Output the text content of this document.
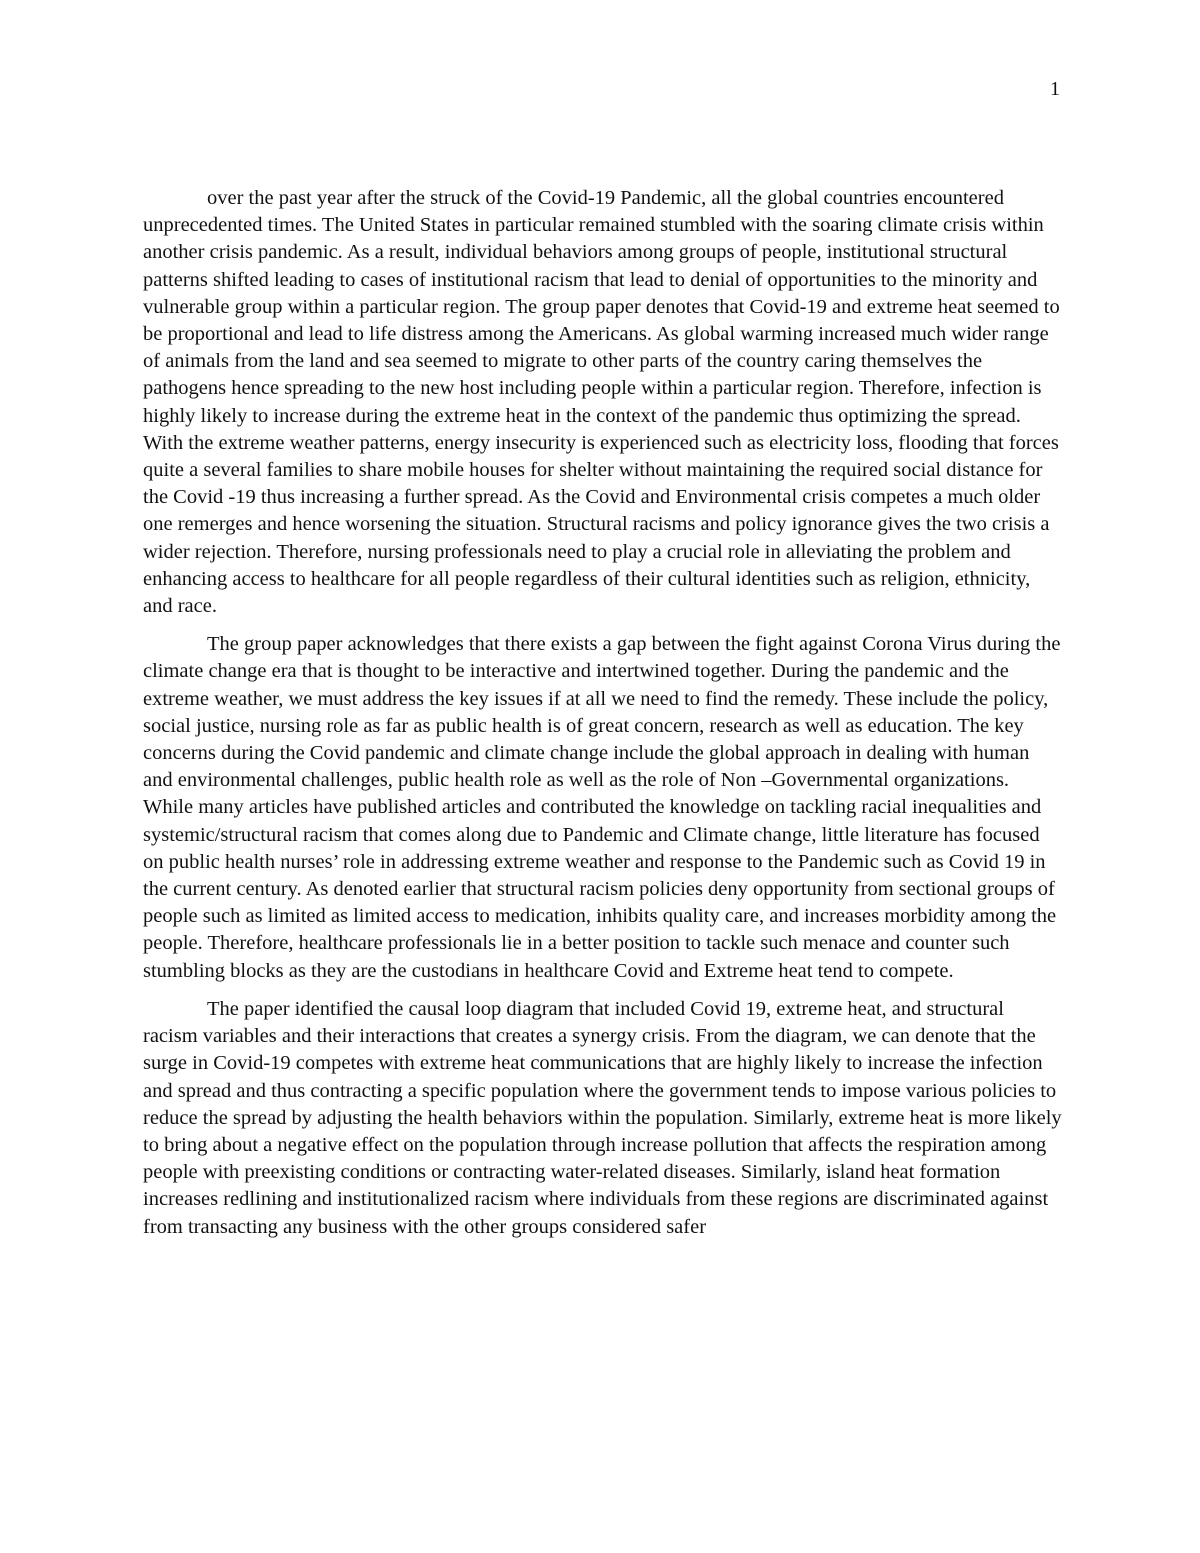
1

over the past year after the struck of the Covid-19 Pandemic, all the global countries encountered unprecedented times. The United States in particular remained stumbled with the soaring climate crisis within another crisis pandemic. As a result, individual behaviors among groups of people, institutional structural patterns shifted leading to cases of institutional racism that lead to denial of opportunities to the minority and vulnerable group within a particular region. The group paper denotes that Covid-19 and extreme heat seemed to be proportional and lead to life distress among the Americans. As global warming increased much wider range of animals from the land and sea seemed to migrate to other parts of the country caring themselves the pathogens hence spreading to the new host including people within a particular region. Therefore, infection is highly likely to increase during the extreme heat in the context of the pandemic thus optimizing the spread. With the extreme weather patterns, energy insecurity is experienced such as electricity loss, flooding that forces quite a several families to share mobile houses for shelter without maintaining the required social distance for the Covid -19 thus increasing a further spread. As the Covid and Environmental crisis competes a much older one remerges and hence worsening the situation. Structural racisms and policy ignorance gives the two crisis a wider rejection. Therefore, nursing professionals need to play a crucial role in alleviating the problem and enhancing access to healthcare for all people regardless of their cultural identities such as religion, ethnicity, and race.

The group paper acknowledges that there exists a gap between the fight against Corona Virus during the climate change era that is thought to be interactive and intertwined together. During the pandemic and the extreme weather, we must address the key issues if at all we need to find the remedy. These include the policy, social justice, nursing role as far as public health is of great concern, research as well as education. The key concerns during the Covid pandemic and climate change include the global approach in dealing with human and environmental challenges, public health role as well as the role of Non –Governmental organizations. While many articles have published articles and contributed the knowledge on tackling racial inequalities and systemic/structural racism that comes along due to Pandemic and Climate change, little literature has focused on public health nurses’ role in addressing extreme weather and response to the Pandemic such as Covid 19 in the current century. As denoted earlier that structural racism policies deny opportunity from sectional groups of people such as limited as limited access to medication, inhibits quality care, and increases morbidity among the people. Therefore, healthcare professionals lie in a better position to tackle such menace and counter such stumbling blocks as they are the custodians in healthcare Covid and Extreme heat tend to compete.

The paper identified the causal loop diagram that included Covid 19, extreme heat, and structural racism variables and their interactions that creates a synergy crisis. From the diagram, we can denote that the surge in Covid-19 competes with extreme heat communications that are highly likely to increase the infection and spread and thus contracting a specific population where the government tends to impose various policies to reduce the spread by adjusting the health behaviors within the population. Similarly, extreme heat is more likely to bring about a negative effect on the population through increase pollution that affects the respiration among people with preexisting conditions or contracting water-related diseases. Similarly, island heat formation increases redlining and institutionalized racism where individuals from these regions are discriminated against from transacting any business with the other groups considered safer
